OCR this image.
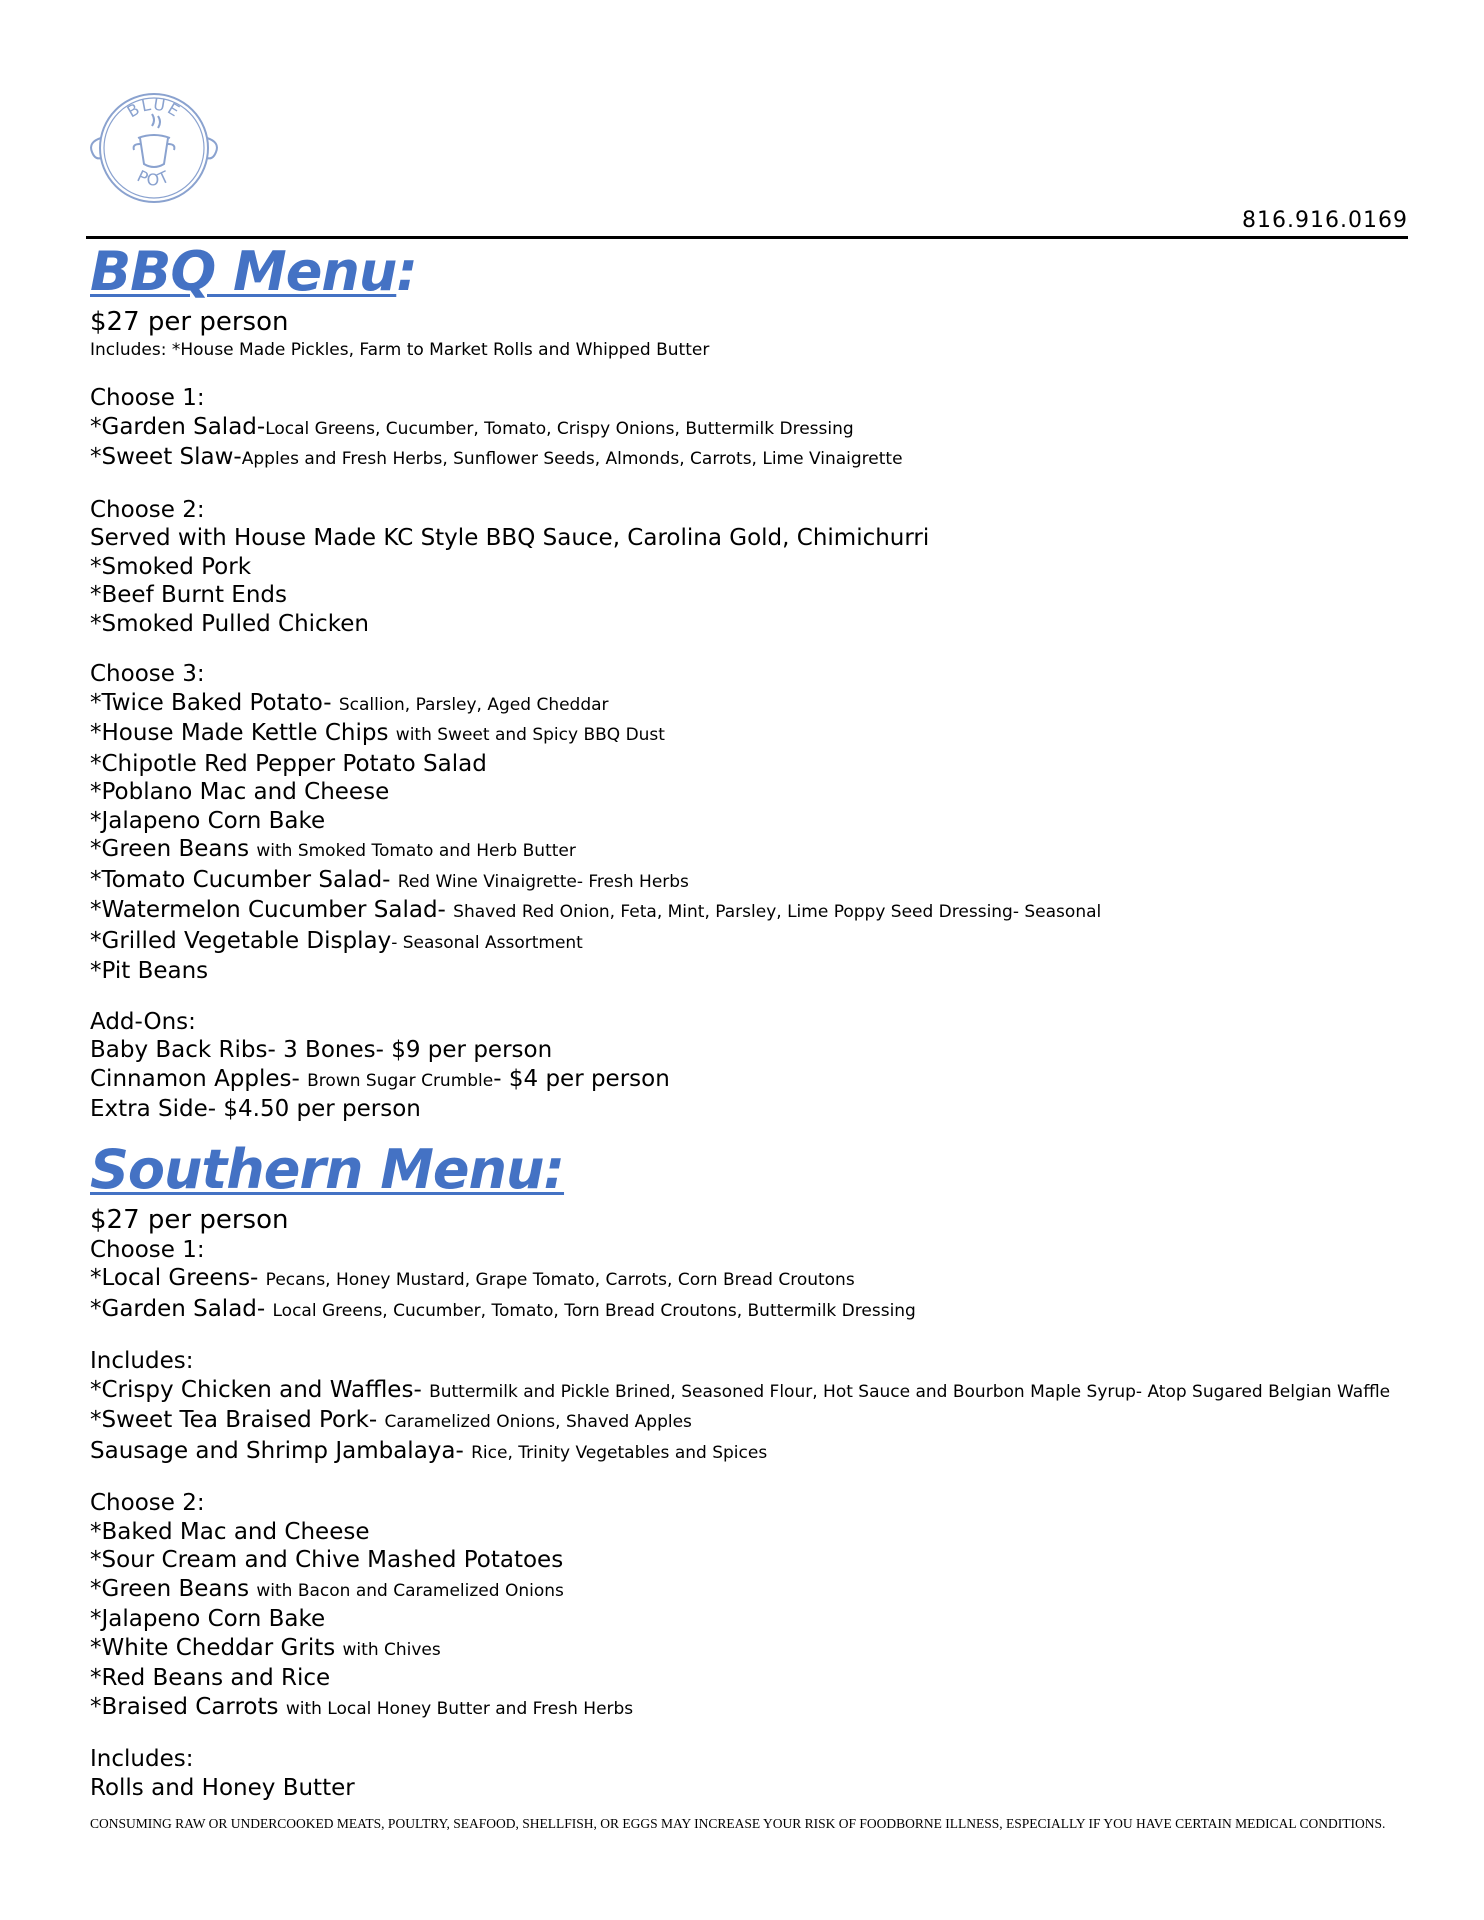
BLUE
POT
816.916.0169
BBQ Menu:
$27 per person
Includes: *House Made Pickles, Farm to Market Rolls and Whipped Butter
Choose 1:
*Garden Salad-Local Greens, Cucumber, Tomato, Crispy Onions, Buttermilk Dressing
*Sweet Slaw-Apples and Fresh Herbs, Sunflower Seeds, Almonds, Carrots, Lime Vinaigrette
Choose 2:
Served with House Made KC Style BBQ Sauce, Carolina Gold, Chimichurri
*Smoked Pork
*Beef Burnt Ends
*Smoked Pulled Chicken
Choose 3:
*Twice Baked Potato- Scallion, Parsley, Aged Cheddar
*House Made Kettle Chips with Sweet and Spicy BBQ Dust
*Chipotle Red Pepper Potato Salad
*Poblano Mac and Cheese
*Jalapeno Corn Bake
*Green Beans with Smoked Tomato and Herb Butter
*Tomato Cucumber Salad- Red Wine Vinaigrette- Fresh Herbs
*Watermelon Cucumber Salad- Shaved Red Onion, Feta, Mint, Parsley, Lime Poppy Seed Dressing- Seasonal
*Grilled Vegetable Display- Seasonal Assortment
*Pit Beans
Add-Ons:
Baby Back Ribs- 3 Bones- $9 per person
Cinnamon Apples- Brown Sugar Crumble- $4 per person
Extra Side- $4.50 per person
Southern Menu:
$27 per person
Choose 1:
*Local Greens- Pecans, Honey Mustard, Grape Tomato, Carrots, Corn Bread Croutons
*Garden Salad- Local Greens, Cucumber, Tomato, Torn Bread Croutons, Buttermilk Dressing
Includes:
*Crispy Chicken and Waffles- Buttermilk and Pickle Brined, Seasoned Flour, Hot Sauce and Bourbon Maple Syrup- Atop Sugared Belgian Waffle
*Sweet Tea Braised Pork- Caramelized Onions, Shaved Apples
Sausage and Shrimp Jambalaya- Rice, Trinity Vegetables and Spices
Choose 2:
*Baked Mac and Cheese
*Sour Cream and Chive Mashed Potatoes
*Green Beans with Bacon and Caramelized Onions
*Jalapeno Corn Bake
*White Cheddar Grits with Chives
*Red Beans and Rice
*Braised Carrots with Local Honey Butter and Fresh Herbs
Includes:
Rolls and Honey Butter
CONSUMING RAW OR UNDERCOOKED MEATS, POULTRY, SEAFOOD, SHELLFISH, OR EGGS MAY INCREASE YOUR RISK OF FOODBORNE ILLNESS, ESPECIALLY IF YOU HAVE CERTAIN MEDICAL CONDITIONS.
